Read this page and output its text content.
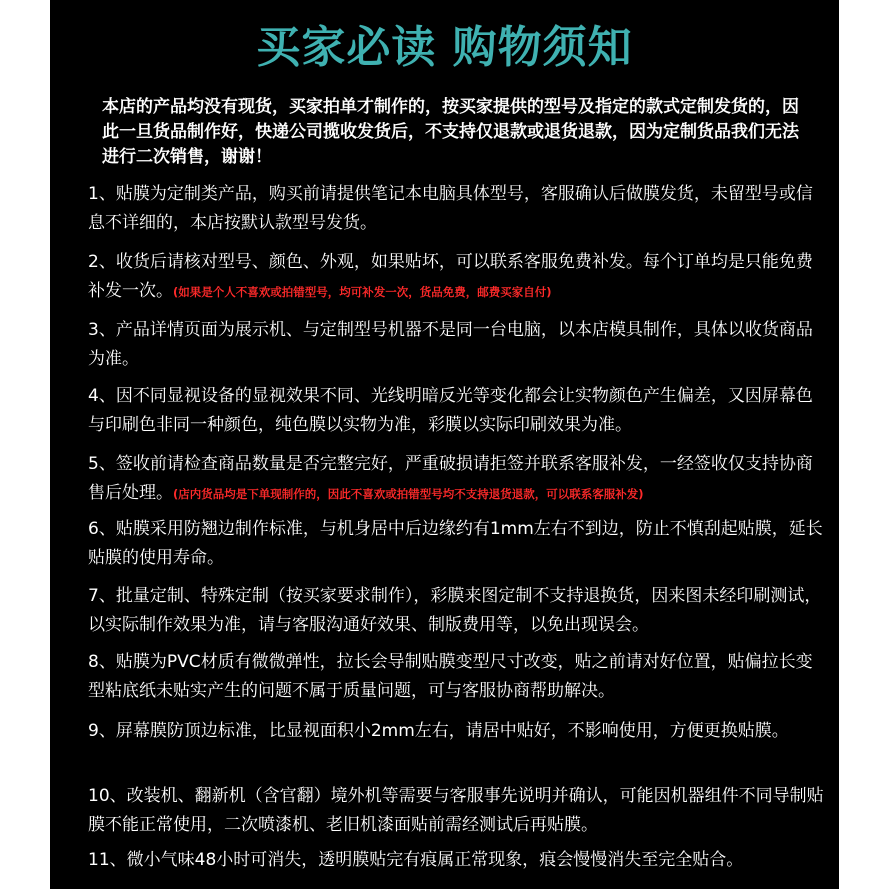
买家必读 购物须知
本店的产品均没有现货，买家拍单才制作的，按买家提供的型号及指定的款式定制发货的，因此一旦货品制作好，快递公司揽收发货后，不支持仅退款或退货退款，因为定制货品我们无法进行二次销售，谢谢！
1、贴膜为定制类产品，购买前请提供笔记本电脑具体型号，客服确认后做膜发货，未留型号或信息不详细的，本店按默认款型号发货。
2、收货后请核对型号、颜色、外观，如果贴坏，可以联系客服免费补发。每个订单均是只能免费补发一次。(如果是个人不喜欢或拍错型号，均可补发一次，货品免费，邮费买家自付)
3、产品详情页面为展示机、与定制型号机器不是同一台电脑，以本店模具制作，具体以收货商品为准。
4、因不同显视设备的显视效果不同、光线明暗反光等变化都会让实物颜色产生偏差，又因屏幕色与印刷色非同一种颜色，纯色膜以实物为准，彩膜以实际印刷效果为准。
5、签收前请检查商品数量是否完整完好，严重破损请拒签并联系客服补发，一经签收仅支持协商售后处理。(店内货品均是下单现制作的，因此不喜欢或拍错型号均不支持退货退款，可以联系客服补发)
6、贴膜采用防翘边制作标准，与机身居中后边缘约有1mm左右不到边，防止不慎刮起贴膜，延长贴膜的使用寿命。
7、批量定制、特殊定制（按买家要求制作），彩膜来图定制不支持退换货，因来图未经印刷测试，以实际制作效果为准，请与客服沟通好效果、制版费用等，以免出现误会。
8、贴膜为PVC材质有微微弹性，拉长会导制贴膜变型尺寸改变，贴之前请对好位置，贴偏拉长变型粘底纸未贴实产生的问题不属于质量问题，可与客服协商帮助解决。
9、屏幕膜防顶边标准，比显视面积小2mm左右，请居中贴好，不影响使用，方便更换贴膜。
10、改装机、翻新机（含官翻）境外机等需要与客服事先说明并确认，可能因机器组件不同导制贴膜不能正常使用，二次喷漆机、老旧机漆面贴前需经测试后再贴膜。
11、微小气味48小时可消失，透明膜贴完有痕属正常现象，痕会慢慢消失至完全贴合。
